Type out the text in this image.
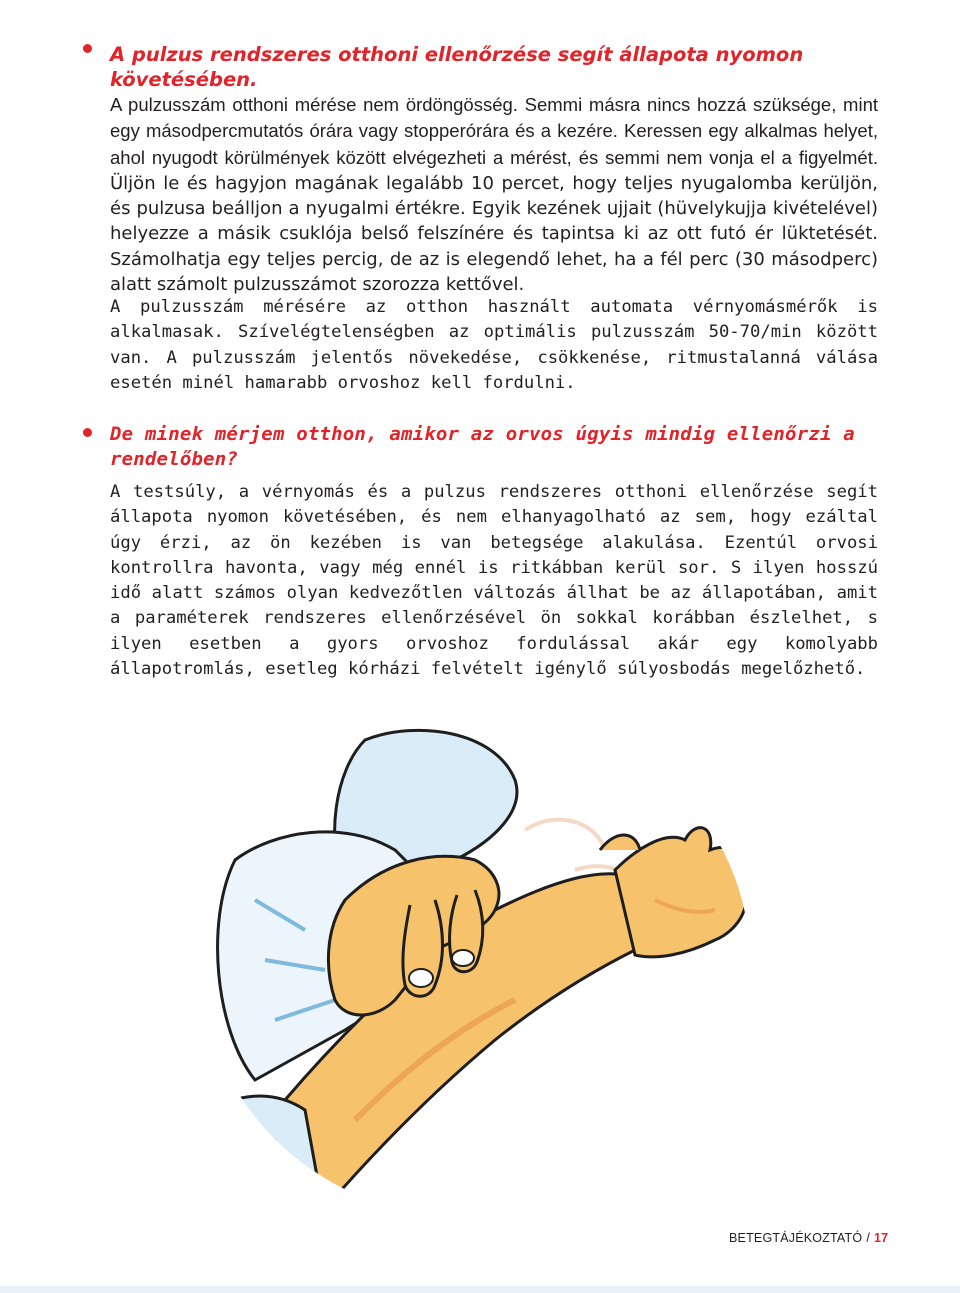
A pulzus rendszeres otthoni ellenőrzése segít állapota nyomon követésében.

A pulzusszám otthoni mérése nem ördöngösség. Semmi másra nincs hozzá szüksége, mint egy másodpercmutatós órára vagy stopperórára és a kezére. Keressen egy alkalmas helyet, ahol nyugodt körülmények között elvégezheti a mérést, és semmi nem vonja el a figyelmét. Üljön le és hagyjon magának legalább 10 percet, hogy teljes nyugalomba kerüljön, és pulzusa beálljon a nyugalmi értékre. Egyik kezének ujjait (hüvelykujja kivételével) helyezze a másik csuklója belső felszínére és tapintsa ki az ott futó ér lüktetését. Számolhatja egy teljes percig, de az is elegendő lehet, ha a fél perc (30 másodperc) alatt számolt pulzusszámot szorozza kettővel.

A pulzusszám mérésére az otthon használt automata vérnyomásmérők is alkalmasak. Szívelégtelenségben az optimális pulzusszám 50-70/min között van. A pulzusszám jelentős növekedése, csökkenése, ritmustalanná válása esetén minél hamarabb orvoshoz kell fordulni.

De minek mérjem otthon, amikor az orvos úgyis mindig ellenőrzi a rendelőben?

A testsúly, a vérnyomás és a pulzus rendszeres otthoni ellenőrzése segít állapota nyomon követésében, és nem elhanyagolható az sem, hogy ezáltal úgy érzi, az ön kezében is van betegsége alakulása. Ezentúl orvosi kontrollra havonta, vagy még ennél is ritkábban kerül sor. S ilyen hosszú idő alatt számos olyan kedvezőtlen változás állhat be az állapotában, amit a paraméterek rendszeres ellenőrzésével ön sokkal korábban észlelhet, s ilyen esetben a gyors orvoshoz fordulással akár egy komolyabb állapotromlás, esetleg kórházi felvételt igénylő súlyosbodás megelőzhető.

BETEGTÁJÉKOZTATÓ / 17
